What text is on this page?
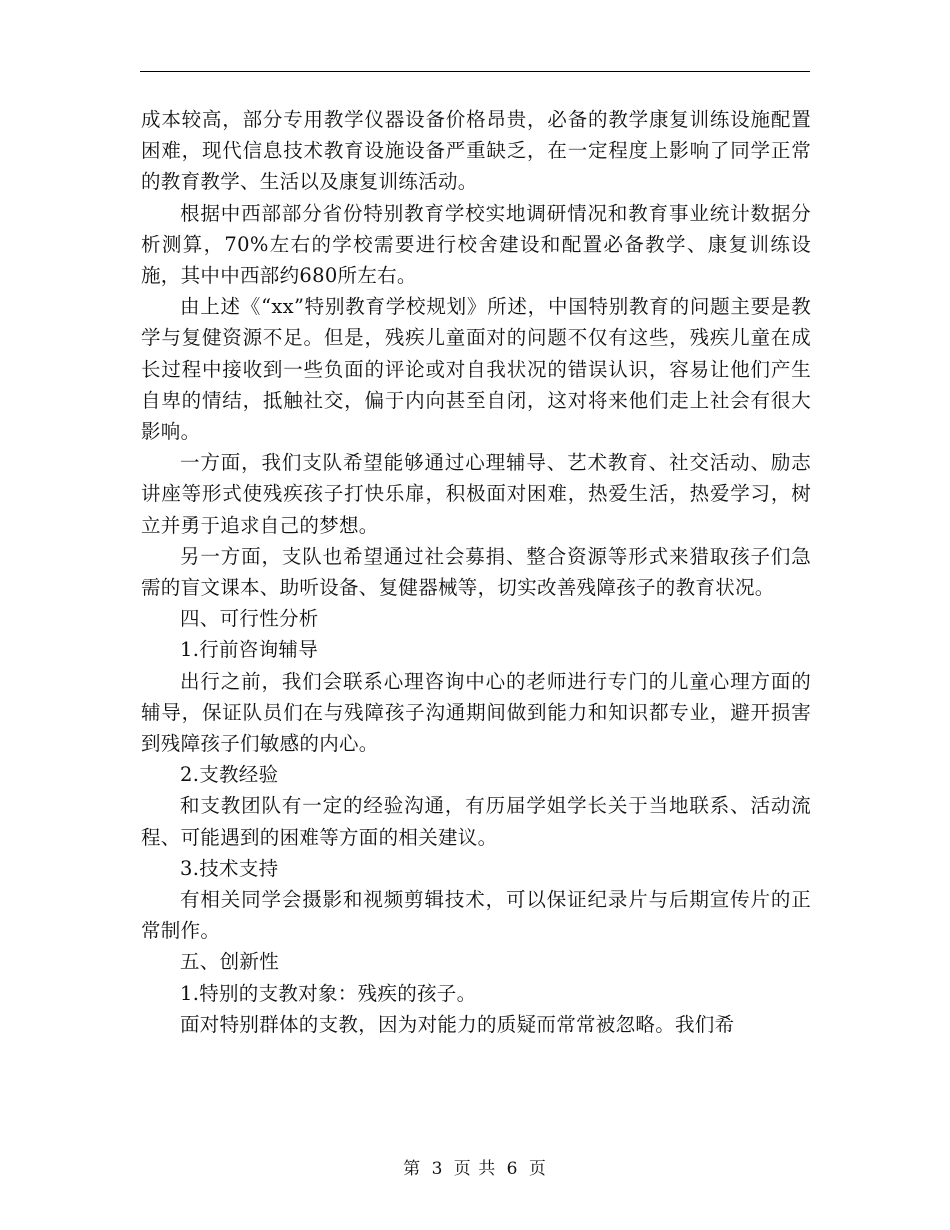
成本较高，部分专用教学仪器设备价格昂贵，必备的教学康复训练设施配置困难，现代信息技术教育设施设备严重缺乏，在一定程度上影响了同学正常的教育教学、生活以及康复训练活动。

根据中西部部分省份特别教育学校实地调研情况和教育事业统计数据分析测算，70%左右的学校需要进行校舍建设和配置必备教学、康复训练设施，其中中西部约680所左右。

由上述《“xx”特别教育学校规划》所述，中国特别教育的问题主要是教学与复健资源不足。但是，残疾儿童面对的问题不仅有这些，残疾儿童在成长过程中接收到一些负面的评论或对自我状况的错误认识，容易让他们产生自卑的情结，抵触社交，偏于内向甚至自闭，这对将来他们走上社会有很大影响。

一方面，我们支队希望能够通过心理辅导、艺术教育、社交活动、励志讲座等形式使残疾孩子打快乐扉，积极面对困难，热爱生活，热爱学习，树立并勇于追求自己的梦想。

另一方面，支队也希望通过社会募捐、整合资源等形式来猎取孩子们急需的盲文课本、助听设备、复健器械等，切实改善残障孩子的教育状况。

四、可行性分析

1.行前咨询辅导

出行之前，我们会联系心理咨询中心的老师进行专门的儿童心理方面的辅导，保证队员们在与残障孩子沟通期间做到能力和知识都专业，避开损害到残障孩子们敏感的内心。

2.支教经验

和支教团队有一定的经验沟通，有历届学姐学长关于当地联系、活动流程、可能遇到的困难等方面的相关建议。

3.技术支持

有相关同学会摄影和视频剪辑技术，可以保证纪录片与后期宣传片的正常制作。

五、创新性

1.特别的支教对象：残疾的孩子。

面对特别群体的支教，因为对能力的质疑而常常被忽略。我们希

第 3 页 共 6 页
